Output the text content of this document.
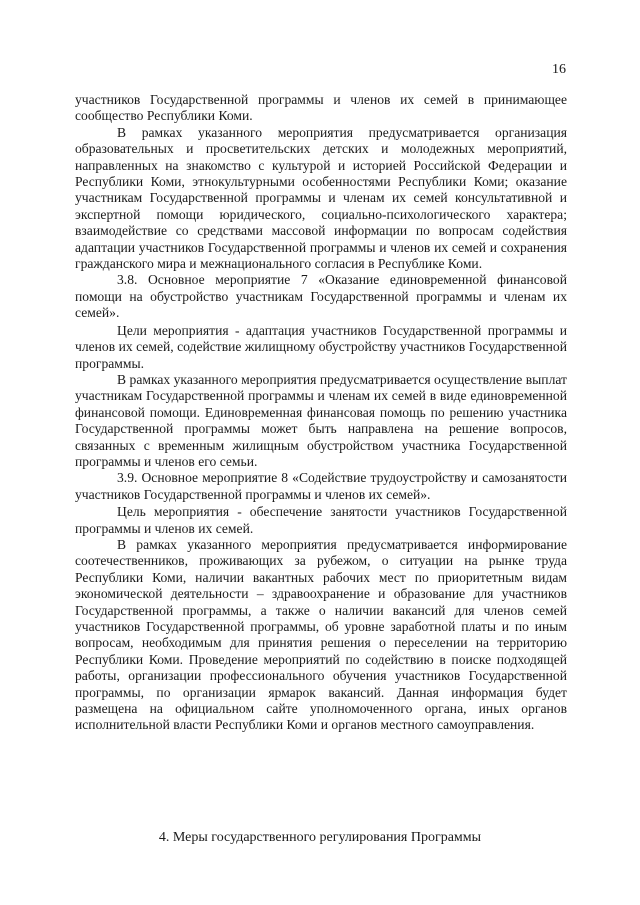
16

участников Государственной программы и членов их семей в принимающее сообщество Республики Коми.

В рамках указанного мероприятия предусматривается организация образовательных и просветительских детских и молодежных мероприятий, направленных на знакомство с культурой и историей Российской Федерации и Республики Коми, этнокультурными особенностями Республики Коми; оказание участникам Государственной программы и членам их семей консультативной и экспертной помощи юридического, социально-психологического характера; взаимодействие со средствами массовой информации по вопросам содействия адаптации участников Государственной программы и членов их семей и сохранения гражданского мира и межнационального согласия в Республике Коми.

3.8. Основное мероприятие 7 «Оказание единовременной финансовой помощи на обустройство участникам Государственной программы и членам их семей».

Цели мероприятия - адаптация участников Государственной программы и членов их семей, содействие жилищному обустройству участников Государственной программы.

В рамках указанного мероприятия предусматривается осуществление выплат участникам Государственной программы и членам их семей в виде единовременной финансовой помощи. Единовременная финансовая помощь по решению участника Государственной программы может быть направлена на решение вопросов, связанных с временным жилищным обустройством участника Государственной программы и членов его семьи.

3.9. Основное мероприятие 8 «Содействие трудоустройству и самозанятости участников Государственной программы и членов их семей».

Цель мероприятия - обеспечение занятости участников Государственной программы и членов их семей.

В рамках указанного мероприятия предусматривается информирование соотечественников, проживающих за рубежом, о ситуации на рынке труда Республики Коми, наличии вакантных рабочих мест по приоритетным видам экономической деятельности – здравоохранение и образование для участников Государственной программы, а также о наличии вакансий для членов семей участников Государственной программы, об уровне заработной платы и по иным вопросам, необходимым для принятия решения о переселении на территорию Республики Коми. Проведение мероприятий по содействию в поиске подходящей работы, организации профессионального обучения участников Государственной программы, по организации ярмарок вакансий. Данная информация будет размещена на официальном сайте уполномоченного органа, иных органов исполнительной власти Республики Коми и органов местного самоуправления.

4. Меры государственного регулирования Программы
